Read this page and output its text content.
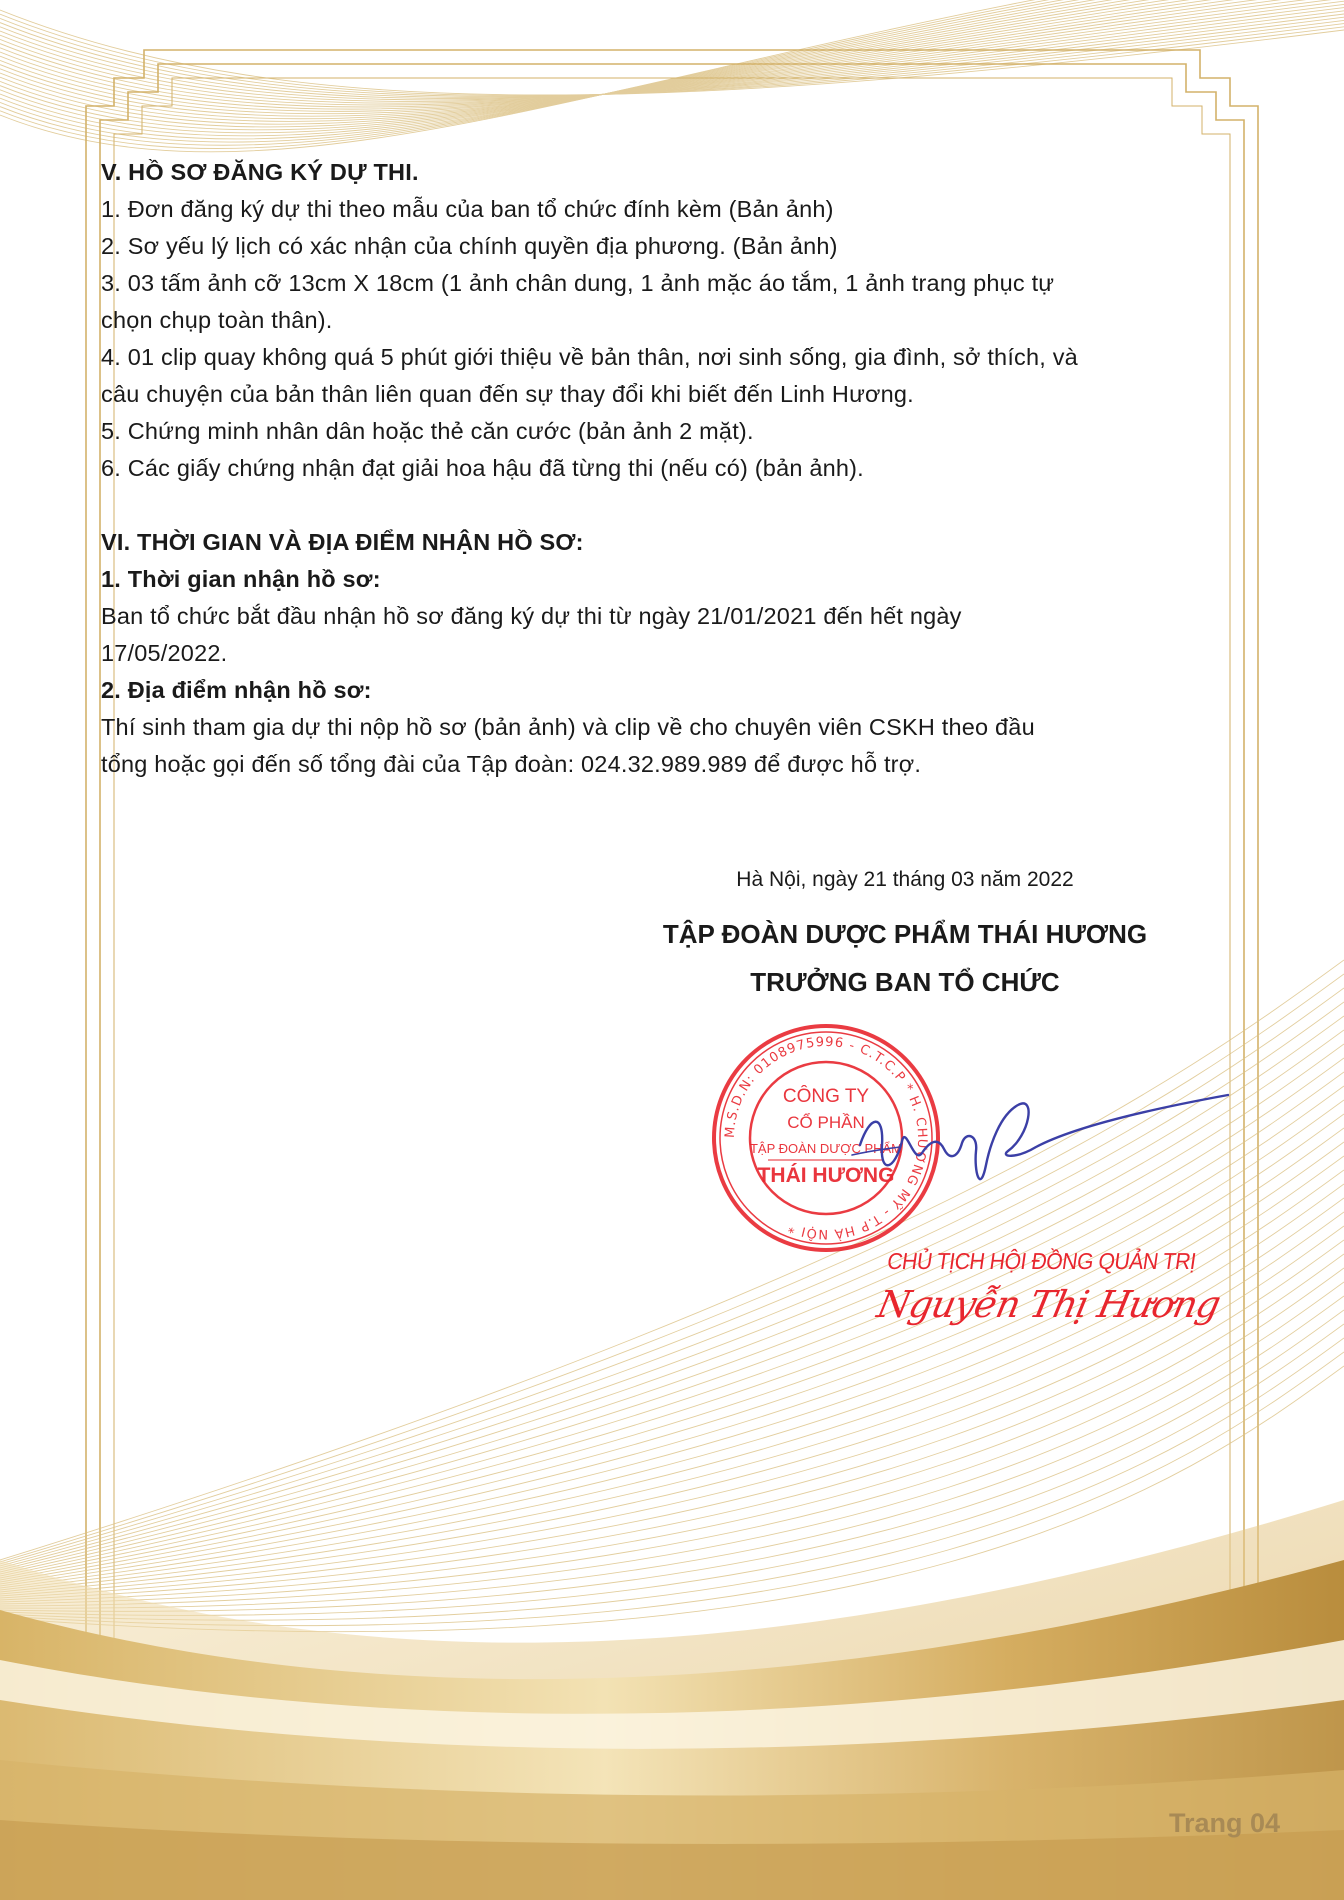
V. HỒ SƠ ĐĂNG KÝ DỰ THI.

1. Đơn đăng ký dự thi theo mẫu của ban tổ chức đính kèm (Bản ảnh)
2. Sơ yếu lý lịch có xác nhận của chính quyền địa phương. (Bản ảnh)
3. 03 tấm ảnh cỡ 13cm X 18cm (1 ảnh chân dung, 1 ảnh mặc áo tắm, 1 ảnh trang phục tự
chọn chụp toàn thân).
4. 01 clip quay không quá 5 phút giới thiệu về bản thân, nơi sinh sống, gia đình, sở thích, và
câu chuyện của bản thân liên quan đến sự thay đổi khi biết đến Linh Hương.
5. Chứng minh nhân dân hoặc thẻ căn cước (bản ảnh 2 mặt).
6. Các giấy chứng nhận đạt giải hoa hậu đã từng thi (nếu có) (bản ảnh).

VI. THỜI GIAN VÀ ĐỊA ĐIỂM NHẬN HỒ SƠ:

1. Thời gian nhận hồ sơ:

Ban tổ chức bắt đầu nhận hồ sơ đăng ký dự thi từ ngày 21/01/2021 đến hết ngày

17/05/2022.

2. Địa điểm nhận hồ sơ:

Thí sinh tham gia dự thi nộp hồ sơ (bản ảnh) và clip về cho chuyên viên CSKH theo đầu

tổng hoặc gọi đến số tổng đài của Tập đoàn: 024.32.989.989 để được hỗ trợ.

Hà Nội, ngày 21 tháng 03 năm 2022
TẬP ĐOÀN DƯỢC PHẨM THÁI HƯƠNG
TRƯỞNG BAN TỔ CHỨC
M.S.D.N: 0108975996 - C.T.C.P * H. CHƯƠNG MỸ - T.P HÀ NỘI *
CÔNG TY
CỔ PHẦN
TẬP ĐOÀN DƯỢC PHẨM
THÁI HƯƠNG
CHỦ TỊCH HỘI ĐỒNG QUẢN TRỊ
Nguyễn Thị Hương
Trang 04
